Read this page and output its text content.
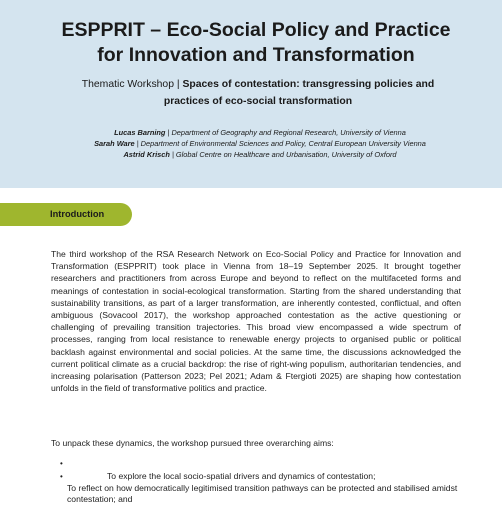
ESPPRIT – Eco-Social Policy and Practice
for Innovation and Transformation
Thematic Workshop | Spaces of contestation: transgressing policies and
practices of eco-social transformation
Lucas Barning | Department of Geography and Regional Research, University of Vienna
Sarah Ware | Department of Environmental Sciences and Policy, Central European University Vienna
Astrid Krisch | Global Centre on Healthcare and Urbanisation, University of Oxford
Introduction
The third workshop of the RSA Research Network on Eco-Social Policy and Practice for Innovation and Transformation (ESPPRIT) took place in Vienna from 18–19 September 2025. It brought together researchers and practitioners from across Europe and beyond to reflect on the multifaceted forms and meanings of contestation in social-ecological transformation. Starting from the shared understanding that sustainability transitions, as part of a larger transformation, are inherently contested, conflictual, and often ambiguous (Sovacool 2017), the workshop approached contestation as the active questioning or challenging of prevailing transition trajectories. This broad view encompassed a wide spectrum of processes, ranging from local resistance to renewable energy projects to organised public or political backlash against environmental and social policies. At the same time, the discussions acknowledged the current political climate as a crucial backdrop: the rise of right-wing populism, authoritarian tendencies, and increasing polarisation (Patterson 2023; Pel 2021; Adam & Ftergioti 2025) are shaping how contestation unfolds in the field of transformative politics and practice.
To unpack these dynamics, the workshop pursued three overarching aims:
•
•	To explore the local socio-spatial drivers and dynamics of contestation;
To reflect on how democratically legitimised transition pathways can be protected and stabilised amidst contestation; and
